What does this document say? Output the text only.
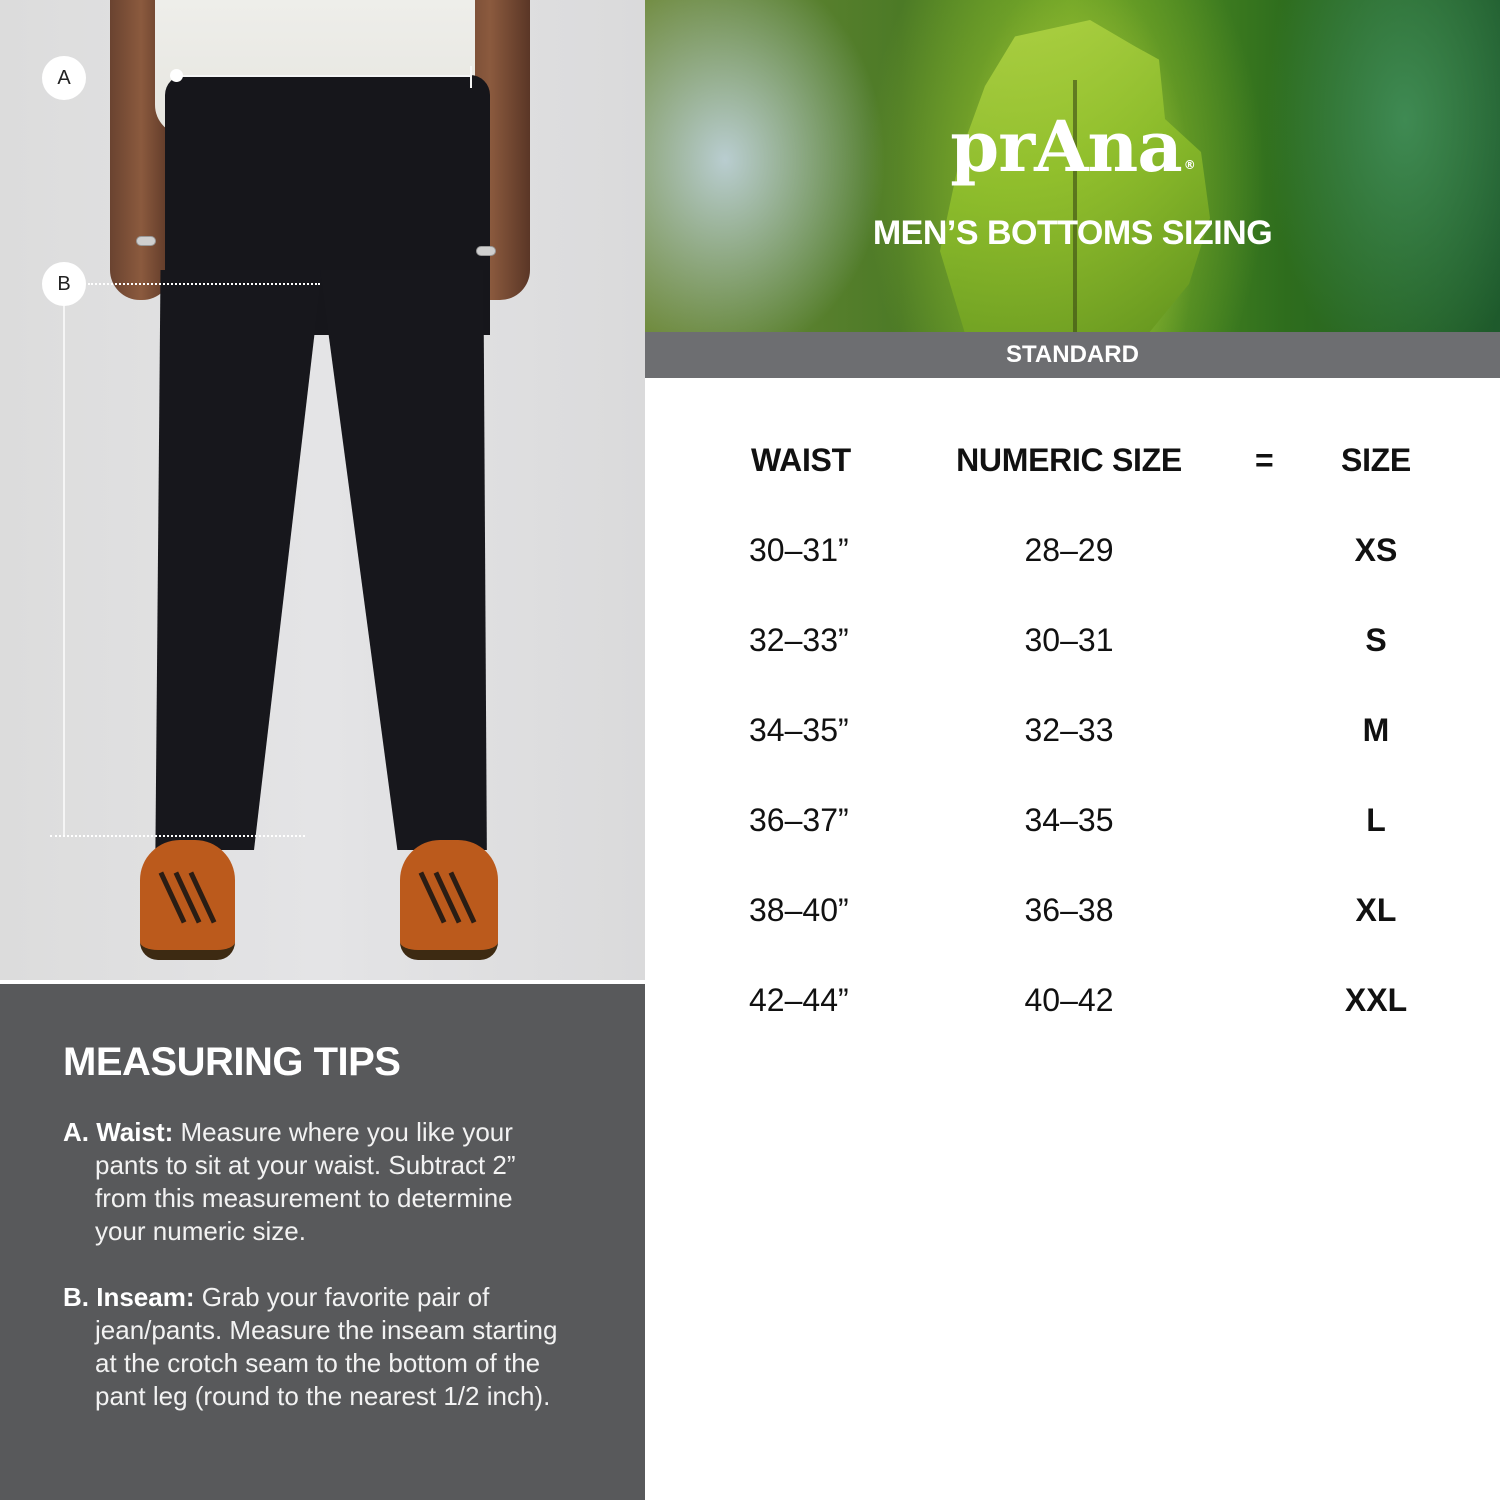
A
B
MEASURING TIPS
A. Waist: Measure where you like your
pants to sit at your waist. Subtract 2”
from this measurement to determine
your numeric size.
B. Inseam: Grab your favorite pair of
jean/pants. Measure the inseam starting
at the crotch seam to the bottom of the
pant leg (round to the nearest 1/2 inch).
prAna ®
MEN’S BOTTOMS SIZING
STANDARD
WAIST	NUMERIC SIZE =	SIZE
30–31”	28–29	XS
32–33”	30–31	S
34–35”	32–33	M
36–37”	34–35	L
38–40”	36–38	XL
42–44”	40–42	XXL
